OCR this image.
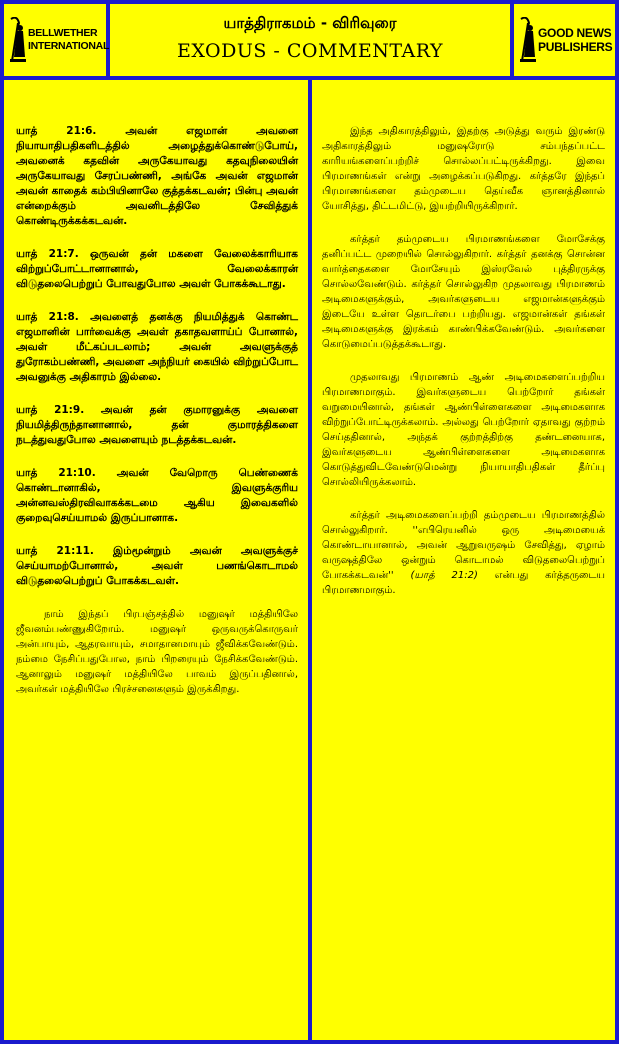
BELLWETHER
INTERNATIONAL
யாத்திராகமம் - விரிவுரை
EXODUS - COMMENTARY
GOOD NEWS
PUBLISHERS

யாத் 21:6. அவன் எஜமான் அவனை நியாயாதிபதிகளிடத்தில் அழைத்துக்கொண்டுபோய், அவனைக் கதவின் அருகேயாவது கதவுநிலையின் அருகேயாவது சேரப்பண்ணி, அங்கே அவன் எஜமான் அவன் காதைக் கம்பியினாலே குத்தக்கடவன்; பின்பு அவன் என்றைக்கும் அவனிடத்திலே சேவித்துக் கொண்டிருக்கக்கடவன்.

யாத் 21:7. ஒருவன் தன் மகளை வேலைக்காரியாக விற்றுப்போட்டானானால், வேலைக்காரன் விடுதலைபெற்றுப் போவதுபோல அவள் போகக்கூடாது.

யாத் 21:8. அவளைத் தனக்கு நியமித்துக் கொண்ட எஜமானின் பார்வைக்கு அவள் தகாதவளாய்ப் போனால், அவள் மீட்கப்படலாம்; அவன் அவளுக்குத் துரோகம்பண்ணி, அவளை அந்நியர் கையில் விற்றுப்போட அவனுக்கு அதிகாரம் இல்லை.

யாத் 21:9. அவன் தன் குமாரனுக்கு அவளை நியமித்திருந்தானானால், தன் குமாரத்திகளை நடத்துவதுபோல அவளையும் நடத்தக்கடவன்.

யாத் 21:10. அவன் வேறொரு பெண்ணைக் கொண்டானாகில், இவளுக்குரிய அன்னவஸ்திரவிவாகக்கடமை ஆகிய இவைகளில் குறைவுசெய்யாமல் இருப்பானாக.

யாத் 21:11. இம்மூன்றும் அவன் அவளுக்குச் செய்யாமற்போனால், அவள் பணங்கொடாமல் விடுதலைபெற்றுப் போகக்கடவள்.

நாம் இந்தப் பிரபஞ்சத்தில் மனுஷர் மத்தியிலே ஜீவனம்பண்ணுகிறோம். மனுஷர் ஒருவருக்கொருவர் அன்பாயும், ஆதரவாயும், சமாதானமாயும் ஜீவிக்கவேண்டும். நம்மை நேசிப்பதுபோல, நாம் பிறரையும் நேசிக்கவேண்டும். ஆனாலும் மனுஷர் மத்தியிலே பாவம் இருப்பதினால், அவர்கள் மத்தியிலே பிரச்சனைகளும் இருக்கிறது.

இந்த அதிகாரத்திலும், இதற்கு அடுத்து வரும் இரண்டு அதிகாரத்திலும் மனுஷரோடு சம்பந்தப்பட்ட காரியங்களைப்பற்றிச் சொல்லப்பட்டிருக்கிறது. இவை பிரமாணங்கள் என்று அழைக்கப்படுகிறது. கர்த்தரே இந்தப் பிரமாணங்களை தம்முடைய தெய்வீக ஞானத்தினால் யோசித்து, திட்டமிட்டு, இயற்றியிருக்கிறார்.

கர்த்தர் தம்முடைய பிரமாணங்களை மோசேக்கு தனிப்பட்ட முறையில் சொல்லுகிறார். கர்த்தர் தனக்கு சொன்ன வார்த்தைகளை மோசேயும் இஸ்ரவேல் புத்திரருக்கு சொல்லவேண்டும். கர்த்தர் சொல்லுகிற முதலாவது பிரமாணம் அடிமைகளுக்கும், அவர்களுடைய எஜமான்களுக்கும் இடையே உள்ள தொடர்பை பற்றியது. எஜமான்கள் தங்கள் அடிமைகளுக்கு இரக்கம் காண்பிக்கவேண்டும். அவர்களை கொடுமைப்படுத்தக்கூடாது.

முதலாவது பிரமாணம் ஆண் அடிமைகளைப்பற்றிய பிரமாணமாகும். இவர்களுடைய பெற்றோர் தங்கள் வறுமையினால், தங்கள் ஆண்பிள்ளைகளை அடிமைகளாக விற்றுப்போட்டிருக்கலாம். அல்லது பெற்றோர் ஏதாவது குற்றம் செய்ததினால், அந்தக் குற்றத்திற்கு தண்டனையாக, இவர்களுடைய ஆண்பிள்ளைகளை அடிமைகளாக கொடுத்துவிடவேண்டுமென்று நியாயாதிபதிகள் தீர்ப்பு சொல்லியிருக்கலாம்.

கர்த்தர் அடிமைகளைப்பற்றி தம்முடைய பிரமாணத்தில் சொல்லுகிறார். ''எபிரெயனில் ஒரு அடிமையைக் கொண்டாயானால், அவன் ஆறுவருஷம் சேவித்து, ஏழாம் வருஷத்திலே ஒன்றும் கொடாமல் விடுதலைபெற்றுப் போகக்கடவன்'' (யாத் 21:2) என்பது கர்த்தருடைய பிரமாணமாகும்.
